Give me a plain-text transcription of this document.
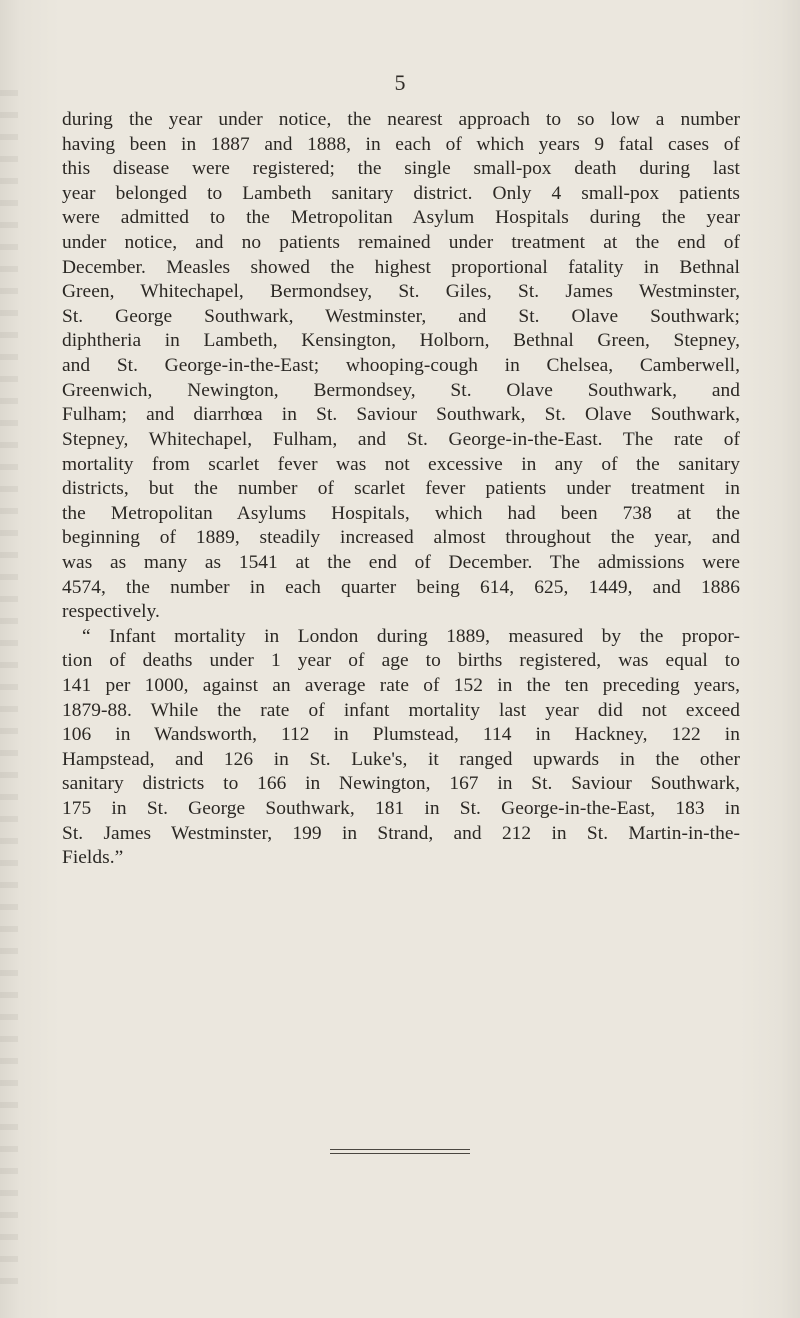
5
during the year under notice, the nearest approach to so low a number
having been in 1887 and 1888, in each of which years 9 fatal cases of
this disease were registered; the single small-pox death during last
year belonged to Lambeth sanitary district. Only 4 small-pox patients
were admitted to the Metropolitan Asylum Hospitals during the year
under notice, and no patients remained under treatment at the end of
December. Measles showed the highest proportional fatality in Bethnal
Green, Whitechapel, Bermondsey, St. Giles, St. James Westminster,
St. George Southwark, Westminster, and St. Olave Southwark;
diphtheria in Lambeth, Kensington, Holborn, Bethnal Green, Stepney,
and St. George-in-the-East; whooping-cough in Chelsea, Camberwell,
Greenwich, Newington, Bermondsey, St. Olave Southwark, and
Fulham; and diarrhœa in St. Saviour Southwark, St. Olave Southwark,
Stepney, Whitechapel, Fulham, and St. George-in-the-East. The rate of
mortality from scarlet fever was not excessive in any of the sanitary
districts, but the number of scarlet fever patients under treatment in
the Metropolitan Asylums Hospitals, which had been 738 at the
beginning of 1889, steadily increased almost throughout the year, and
was as many as 1541 at the end of December. The admissions were
4574, the number in each quarter being 614, 625, 1449, and 1886
respectively.
“ Infant mortality in London during 1889, measured by the propor-
tion of deaths under 1 year of age to births registered, was equal to
141 per 1000, against an average rate of 152 in the ten preceding years,
1879-88. While the rate of infant mortality last year did not exceed
106 in Wandsworth, 112 in Plumstead, 114 in Hackney, 122 in
Hampstead, and 126 in St. Luke's, it ranged upwards in the other
sanitary districts to 166 in Newington, 167 in St. Saviour Southwark,
175 in St. George Southwark, 181 in St. George-in-the-East, 183 in
St. James Westminster, 199 in Strand, and 212 in St. Martin-in-the-
Fields.”
